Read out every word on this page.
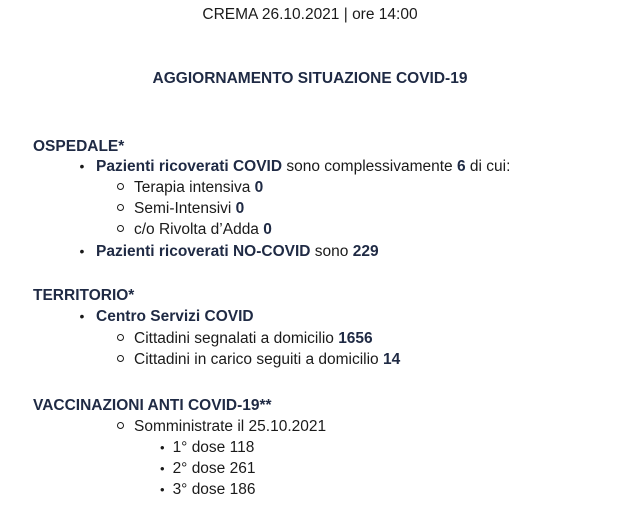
CREMA 26.10.2021 | ore 14:00
AGGIORNAMENTO SITUAZIONE COVID-19
OSPEDALE*
• Pazienti ricoverati COVID sono complessivamente 6 di cui:
Terapia intensiva 0
Semi-Intensivi 0
c/o Rivolta d’Adda 0
• Pazienti ricoverati NO-COVID sono 229
TERRITORIO*
• Centro Servizi COVID
Cittadini segnalati a domicilio 1656
Cittadini in carico seguiti a domicilio 14
VACCINAZIONI ANTI COVID-19**
Somministrate il 25.10.2021
• 1° dose 118
• 2° dose 261
• 3° dose 186
